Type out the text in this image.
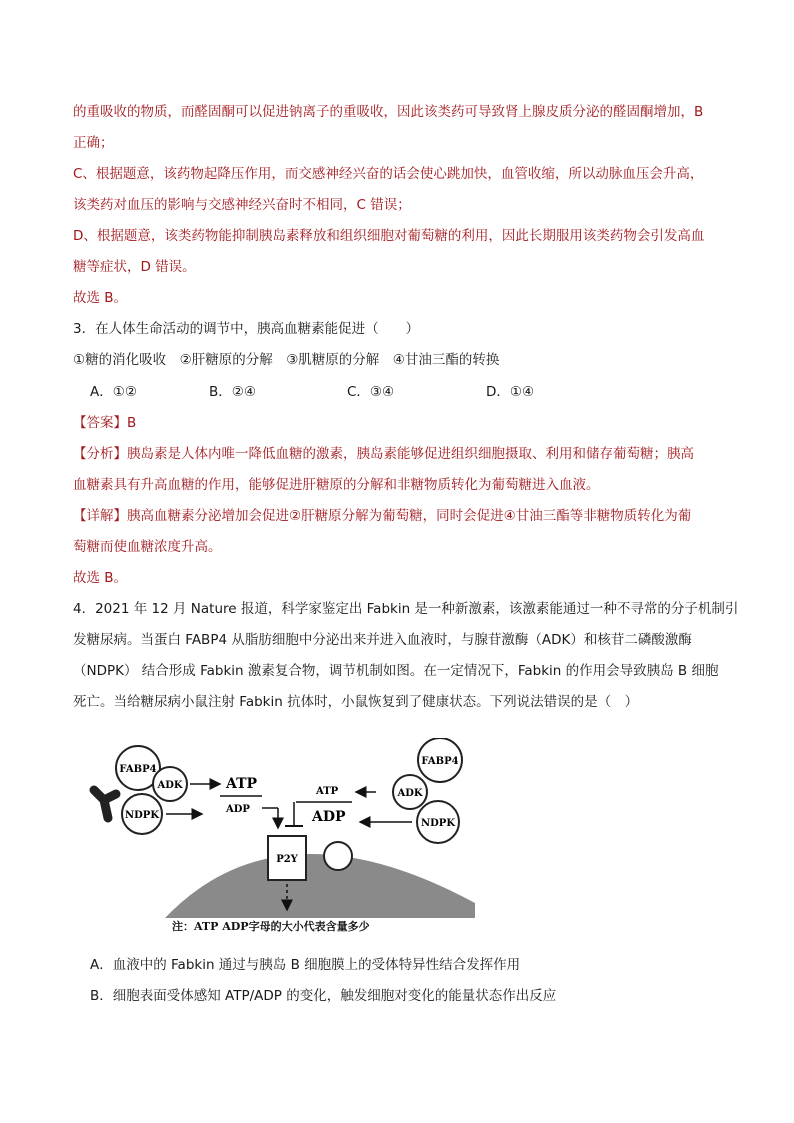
的重吸收的物质，而醛固酮可以促进钠离子的重吸收，因此该类药可导致肾上腺皮质分泌的醛固酮增加，B
正确；
C、根据题意，该药物起降压作用，而交感神经兴奋的话会使心跳加快，血管收缩，所以动脉血压会升高，
该类药对血压的影响与交感神经兴奋时不相同，C 错误；
D、根据题意，该类药物能抑制胰岛素释放和组织细胞对葡萄糖的利用，因此长期服用该类药物会引发高血
糖等症状，D 错误。
故选 B。
3．在人体生命活动的调节中，胰高血糖素能促进（　　）
①糖的消化吸收　②肝糖原的分解　③肌糖原的分解　④甘油三酯的转换
A．①②	B．②④	C．③④	D．①④
【答案】B
【分析】胰岛素是人体内唯一降低血糖的激素，胰岛素能够促进组织细胞摄取、利用和储存葡萄糖；胰高
血糖素具有升高血糖的作用，能够促进肝糖原的分解和非糖物质转化为葡萄糖进入血液。
【详解】胰高血糖素分泌增加会促进②肝糖原分解为葡萄糖，同时会促进④甘油三酯等非糖物质转化为葡
萄糖而使血糖浓度升高。
故选 B。
4．2021 年 12 月 Nature 报道，科学家鉴定出 Fabkin 是一种新激素，该激素能通过一种不寻常的分子机制引
发糖尿病。当蛋白 FABP4 从脂肪细胞中分泌出来并进入血液时，与腺苷激酶（ADK）和核苷二磷酸激酶
（NDPK） 结合形成 Fabkin 激素复合物，调节机制如图。在一定情况下，Fabkin 的作用会导致胰岛 B 细胞
死亡。当给糖尿病小鼠注射 Fabkin 抗体时，小鼠恢复到了健康状态。下列说法错误的是（　）
FABP4
ADK
NDPK
ATP
ADP
ATP
ADP
FABP4
ADK
NDPK
P2Y
注：ATP ADP字母的大小代表含量多少
A．血液中的 Fabkin 通过与胰岛 B 细胞膜上的受体特异性结合发挥作用
B．细胞表面受体感知 ATP/ADP 的变化，触发细胞对变化的能量状态作出反应
